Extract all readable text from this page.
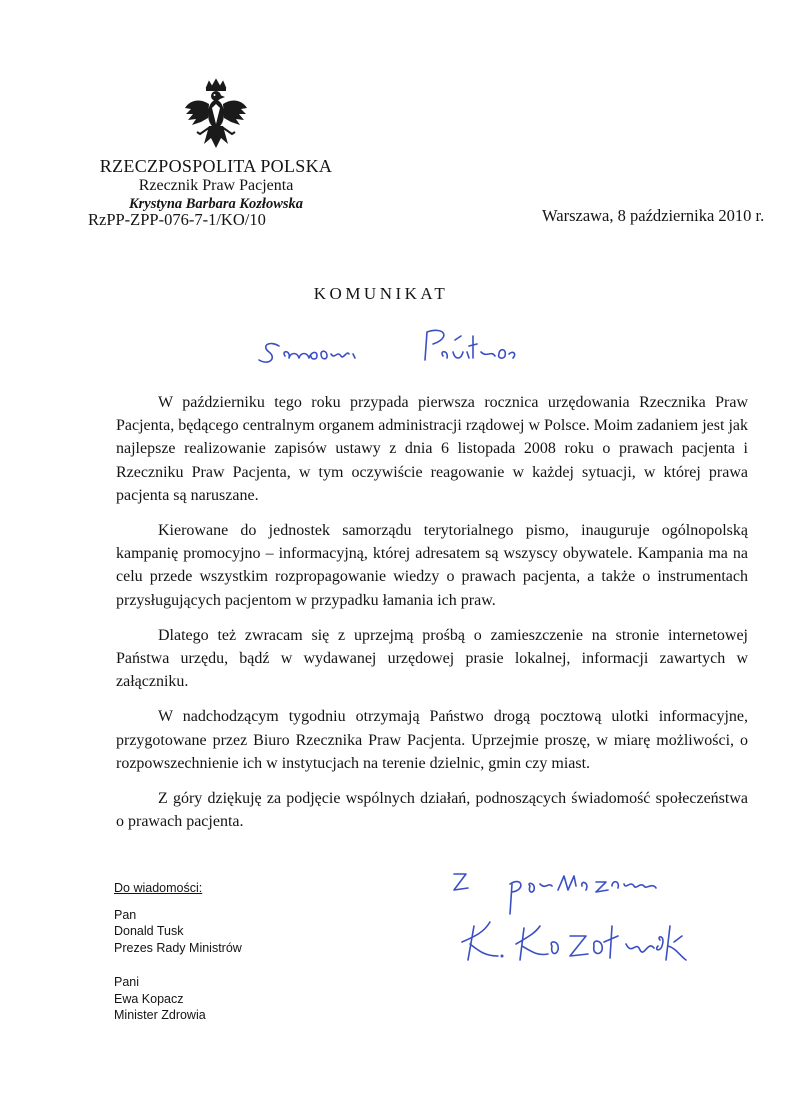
RZECZPOSPOLITA POLSKA
Rzecznik Praw Pacjenta
Krystyna Barbara Kozłowska
RzPP-ZPP-076-7-1/KO/10	Warszawa, 8 października 2010 r.
KOMUNIKAT

W październiku tego roku przypada pierwsza rocznica urzędowania Rzecznika Praw Pacjenta, będącego centralnym organem administracji rządowej w Polsce. Moim zadaniem jest jak najlepsze realizowanie zapisów ustawy z dnia 6 listopada 2008 roku o prawach pacjenta i Rzeczniku Praw Pacjenta, w tym oczywiście reagowanie w każdej sytuacji, w której prawa pacjenta są naruszane.

Kierowane do jednostek samorządu terytorialnego pismo, inauguruje ogólnopolską kampanię promocyjno – informacyjną, której adresatem są wszyscy obywatele. Kampania ma na celu przede wszystkim rozpropagowanie wiedzy o prawach pacjenta, a także o instrumentach przysługujących pacjentom w przypadku łamania ich praw.

Dlatego też zwracam się z uprzejmą prośbą o zamieszczenie na stronie internetowej Państwa urzędu, bądź w wydawanej urzędowej prasie lokalnej, informacji zawartych w załączniku.

W nadchodzącym tygodniu otrzymają Państwo drogą pocztową ulotki informacyjne, przygotowane przez Biuro Rzecznika Praw Pacjenta. Uprzejmie proszę, w miarę możliwości, o rozpowszechnienie ich w instytucjach na terenie dzielnic, gmin czy miast.

Z góry dziękuję za podjęcie wspólnych działań, podnoszących świadomość społeczeństwa o prawach pacjenta.

Do wiadomości:
Pan
Donald Tusk
Prezes Rady Ministrów
Pani
Ewa Kopacz
Minister Zdrowia
